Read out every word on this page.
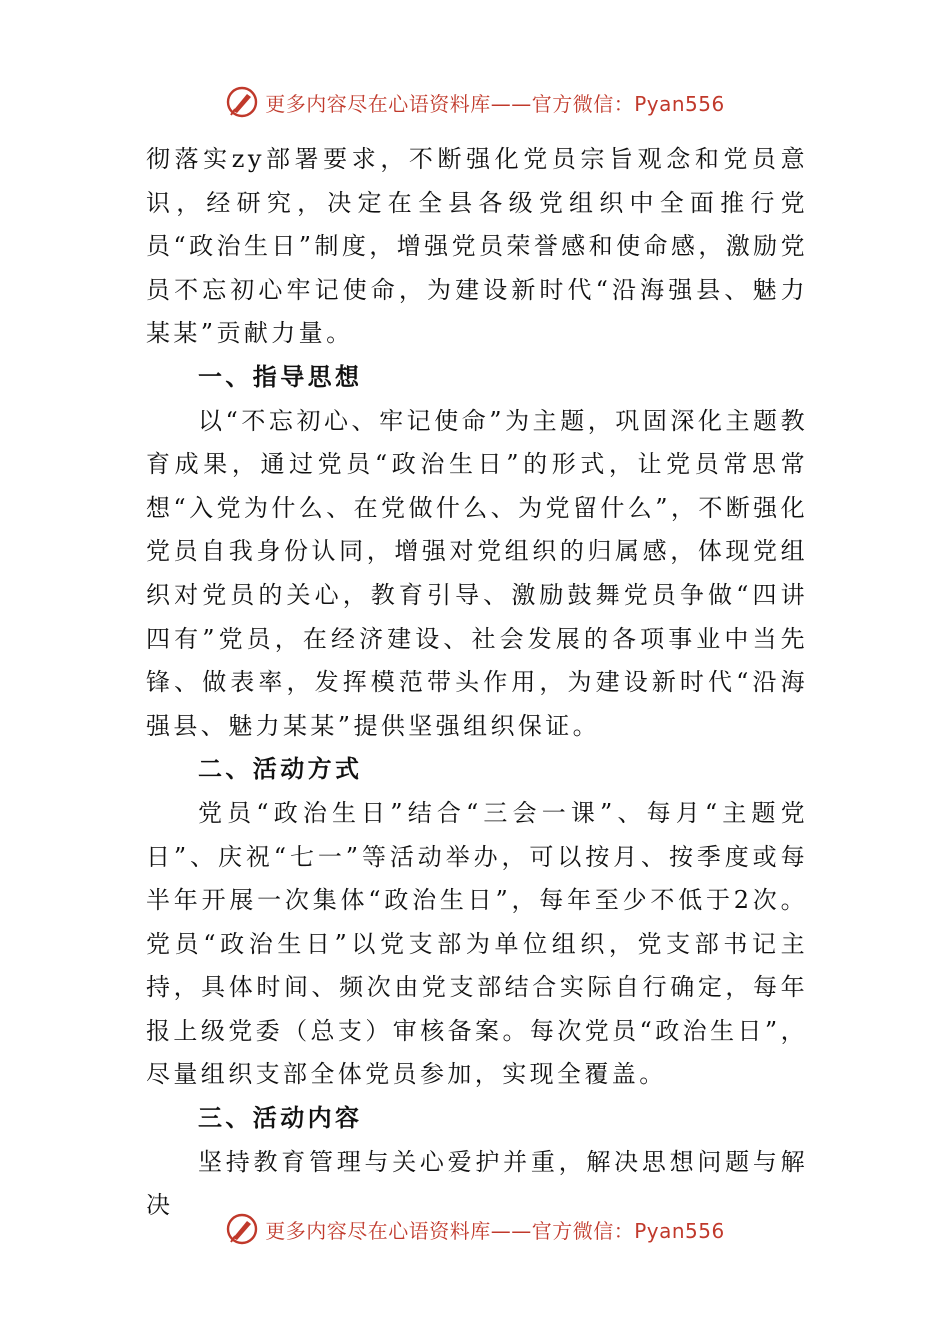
更多内容尽在心语资料库——官方微信：Pyan556

彻落实zy部署要求，不断强化党员宗旨观念和党员意识，经研究，决定在全县各级党组织中全面推行党员“政治生日”制度，增强党员荣誉感和使命感，激励党员不忘初心牢记使命，为建设新时代“沿海强县、魅力某某”贡献力量。

一、指导思想

以“不忘初心、牢记使命”为主题，巩固深化主题教育成果，通过党员“政治生日”的形式，让党员常思常想“入党为什么、在党做什么、为党留什么”，不断强化党员自我身份认同，增强对党组织的归属感，体现党组织对党员的关心，教育引导、激励鼓舞党员争做“四讲四有”党员，在经济建设、社会发展的各项事业中当先锋、做表率，发挥模范带头作用，为建设新时代“沿海强县、魅力某某”提供坚强组织保证。

二、活动方式

党员“政治生日”结合“三会一课”、每月“主题党日”、庆祝“七一”等活动举办，可以按月、按季度或每半年开展一次集体“政治生日”，每年至少不低于2次。党员“政治生日”以党支部为单位组织，党支部书记主持，具体时间、频次由党支部结合实际自行确定，每年报上级党委（总支）审核备案。每次党员“政治生日”，尽量组织支部全体党员参加，实现全覆盖。

三、活动内容

坚持教育管理与关心爱护并重，解决思想问题与解决

更多内容尽在心语资料库——官方微信：Pyan556
